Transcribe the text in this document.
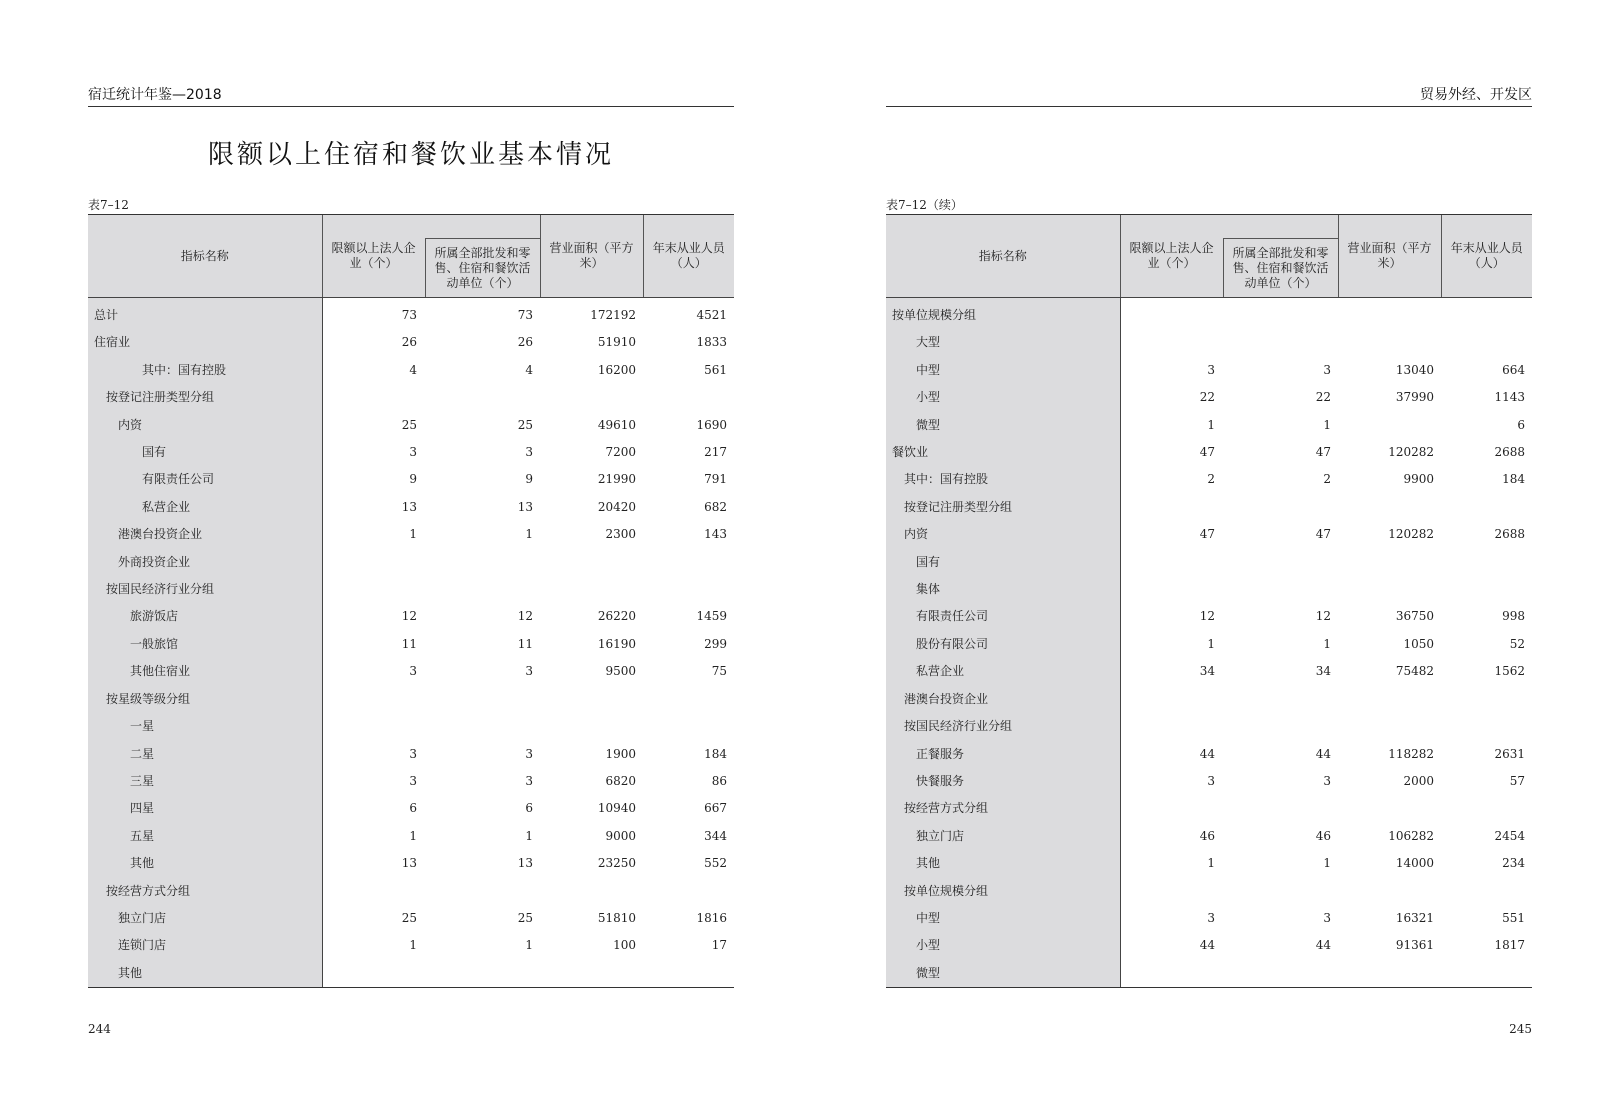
宿迁统计年鉴—2018
限额以上住宿和餐饮业基本情况
表7–12
指标名称	限额以上法人企业（个）
所属全部批发和零售、住宿和餐饮活动单位（个）		营业面积（平方米）	年末从业人员（人）
总计	73	73	172192	4521
住宿业	26	26	51910	1833
其中：国有控股	4	4	16200	561
按登记注册类型分组				
内资	25	25	49610	1690
国有	3	3	7200	217
有限责任公司	9	9	21990	791
私营企业	13	13	20420	682
港澳台投资企业	1	1	2300	143
外商投资企业				
按国民经济行业分组				
旅游饭店	12	12	26220	1459
一般旅馆	11	11	16190	299
其他住宿业	3	3	9500	75
按星级等级分组				
一星				
二星	3	3	1900	184
三星	3	3	6820	86
四星	6	6	10940	667
五星	1	1	9000	344
其他	13	13	23250	552
按经营方式分组				
独立门店	25	25	51810	1816
连锁门店	1	1	100	17
其他				
244
贸易外经、开发区
表7–12（续）
指标名称	限额以上法人企业（个）
所属全部批发和零售、住宿和餐饮活动单位（个）		营业面积（平方米）	年末从业人员（人）
按单位规模分组				
大型				
中型	3	3	13040	664
小型	22	22	37990	1143
微型	1	1		6
餐饮业	47	47	120282	2688
其中：国有控股	2	2	9900	184
按登记注册类型分组				
内资	47	47	120282	2688
国有				
集体				
有限责任公司	12	12	36750	998
股份有限公司	1	1	1050	52
私营企业	34	34	75482	1562
港澳台投资企业				
按国民经济行业分组				
正餐服务	44	44	118282	2631
快餐服务	3	3	2000	57
按经营方式分组				
独立门店	46	46	106282	2454
其他	1	1	14000	234
按单位规模分组				
中型	3	3	16321	551
小型	44	44	91361	1817
微型				
245
